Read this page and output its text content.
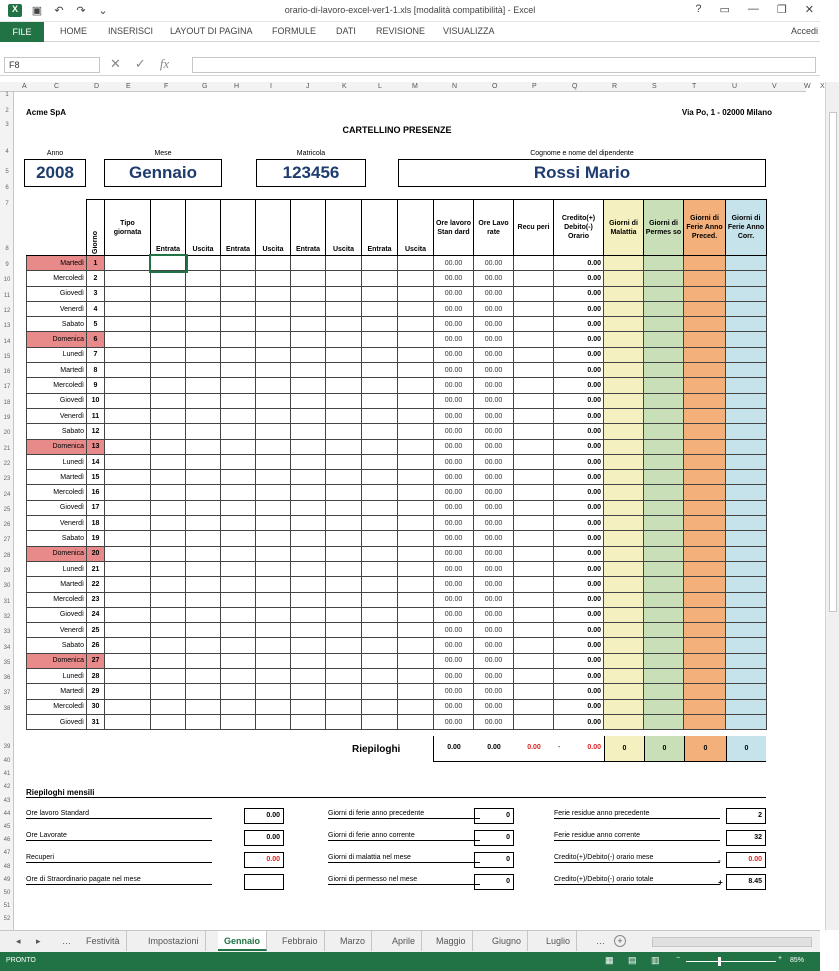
X	▣ ↶ ↷ ⌄	orario-di-lavoro-excel-ver1-1.xls [modalità compatibilità] - Excel	? ▭ — ❐ ✕
FILE	HOME INSERISCI LAYOUT DI PAGINA FORMULE DATI REVISIONE VISUALIZZA	Accedi
F8	✕ ✓ fx
A	C	D	E	F	G	H	I	J	K	L	M	N	O	P	Q	R	S	T	U	V	W X
1
2
3
4
5
6
7
8
9
10
11
12
13
14
15
16
17
18
19
20
21
22
23
24
25
26
27
28
29
30
31
32
33
34
35
36
37
38
39
40
41
42
43
44
45
46
47
48
49
50
51
52
Acme SpA	Via Po, 1 - 02000 Milano
CARTELLINO PRESENZE
Anno
2008
Mese
Gennaio
Matricola
123456
Cognome e nome del dipendente
Rossi Mario

	Giorno	Tipo giornata	Entrata	Uscita	Entrata	Uscita	Entrata	Uscita	Entrata	Uscita	Ore lavoro Stan dard	Ore Lavo rate	Recu peri	Credito(+) Debito(-) Orario	Giorni di Malattia	Giorni di Permes so	Giorni di Ferie Anno Preced.	Giorni di Ferie Anno Corr.
Martedì	1										00.00	00.00		0.00				
Mercoledì	2										00.00	00.00		0.00				
Giovedì	3										00.00	00.00		0.00				
Venerdì	4										00.00	00.00		0.00				
Sabato	5										00.00	00.00		0.00				
Domenica	6										00.00	00.00		0.00				
Lunedì	7										00.00	00.00		0.00				
Martedì	8										00.00	00.00		0.00				
Mercoledì	9										00.00	00.00		0.00				
Giovedì	10										00.00	00.00		0.00				
Venerdì	11										00.00	00.00		0.00				
Sabato	12										00.00	00.00		0.00				
Domenica	13										00.00	00.00		0.00				
Lunedì	14										00.00	00.00		0.00				
Martedì	15										00.00	00.00		0.00				
Mercoledì	16										00.00	00.00		0.00				
Giovedì	17										00.00	00.00		0.00				
Venerdì	18										00.00	00.00		0.00				
Sabato	19										00.00	00.00		0.00				
Domenica	20										00.00	00.00		0.00				
Lunedì	21										00.00	00.00		0.00				
Martedì	22										00.00	00.00		0.00				
Mercoledì	23										00.00	00.00		0.00				
Giovedì	24										00.00	00.00		0.00				
Venerdì	25										00.00	00.00		0.00				
Sabato	26										00.00	00.00		0.00				
Domenica	27										00.00	00.00		0.00				
Lunedì	28										00.00	00.00		0.00				
Martedì	29										00.00	00.00		0.00				
Mercoledì	30										00.00	00.00		0.00				
Giovedì	31										00.00	00.00		0.00				
Riepiloghi	0.00	0.00	0.00	-	0.00	0	0	0	0
Riepiloghi mensili
Ore lavoro Standard	0.00
Ore Lavorate	0.00
Recuperi	0.00
Ore di Straordinario pagate nel mese
Giorni di ferie anno precedente	0
Giorni di ferie anno corrente	0
Giorni di malattia nel mese	0
Giorni di permesso nel mese	0
Ferie residue anno precedente	2
Ferie residue anno corrente	32
Credito(+)/Debito(-) orario mese	-	0.00
Credito(+)/Debito(-) orario totale	+	8.45
◂ ▸ …	Festività	Impostazioni	Gennaio	Febbraio	Marzo	Aprile	Maggio	Giugno	Luglio	…	+
PRONTO	▦ ▤ ▥ −	+ 85%
